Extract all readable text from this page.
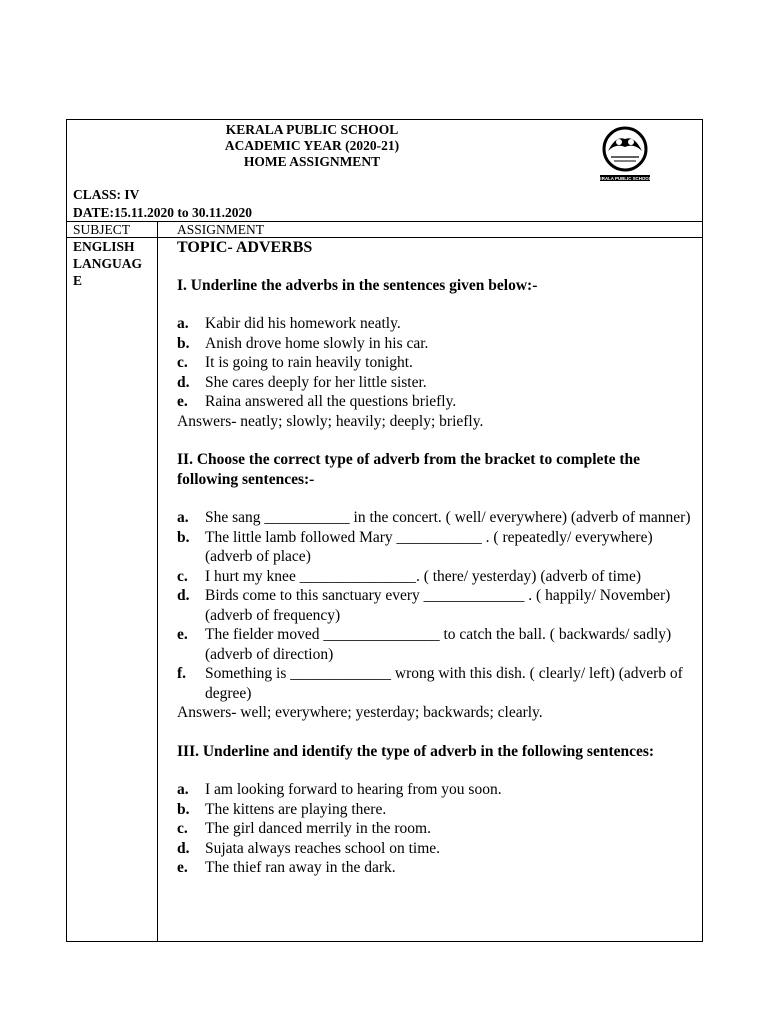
KERALA PUBLIC SCHOOL
ACADEMIC YEAR (2020-21)
HOME ASSIGNMENT
KERALA PUBLIC SCHOOLS
CLASS: IV
DATE:15.11.2020 to 30.11.2020
SUBJECT	ASSIGNMENT
ENGLISH
LANGUAG
E
TOPIC- ADVERBS
I. Underline the adverbs in the sentences given below:-
a. Kabir did his homework neatly.
b. Anish drove home slowly in his car.
c. It is going to rain heavily tonight.
d. She cares deeply for her little sister.
e. Raina answered all the questions briefly.
Answers- neatly; slowly; heavily; deeply; briefly.
II. Choose the correct type of adverb from the bracket to complete the following sentences:-
a. She sang ___________ in the concert. ( well/ everywhere) (adverb of manner)
b. The little lamb followed Mary ___________ . ( repeatedly/ everywhere) (adverb of place)
c. I hurt my knee _______________. ( there/ yesterday) (adverb of time)
d. Birds come to this sanctuary every _____________ . ( happily/ November) (adverb of frequency)
e. The fielder moved _______________ to catch the ball. ( backwards/ sadly) (adverb of direction)
f. Something is _____________ wrong with this dish. ( clearly/ left) (adverb of degree)
Answers- well; everywhere; yesterday; backwards; clearly.
III. Underline and identify the type of adverb in the following sentences:
a. I am looking forward to hearing from you soon.
b. The kittens are playing there.
c. The girl danced merrily in the room.
d. Sujata always reaches school on time.
e. The thief ran away in the dark.
